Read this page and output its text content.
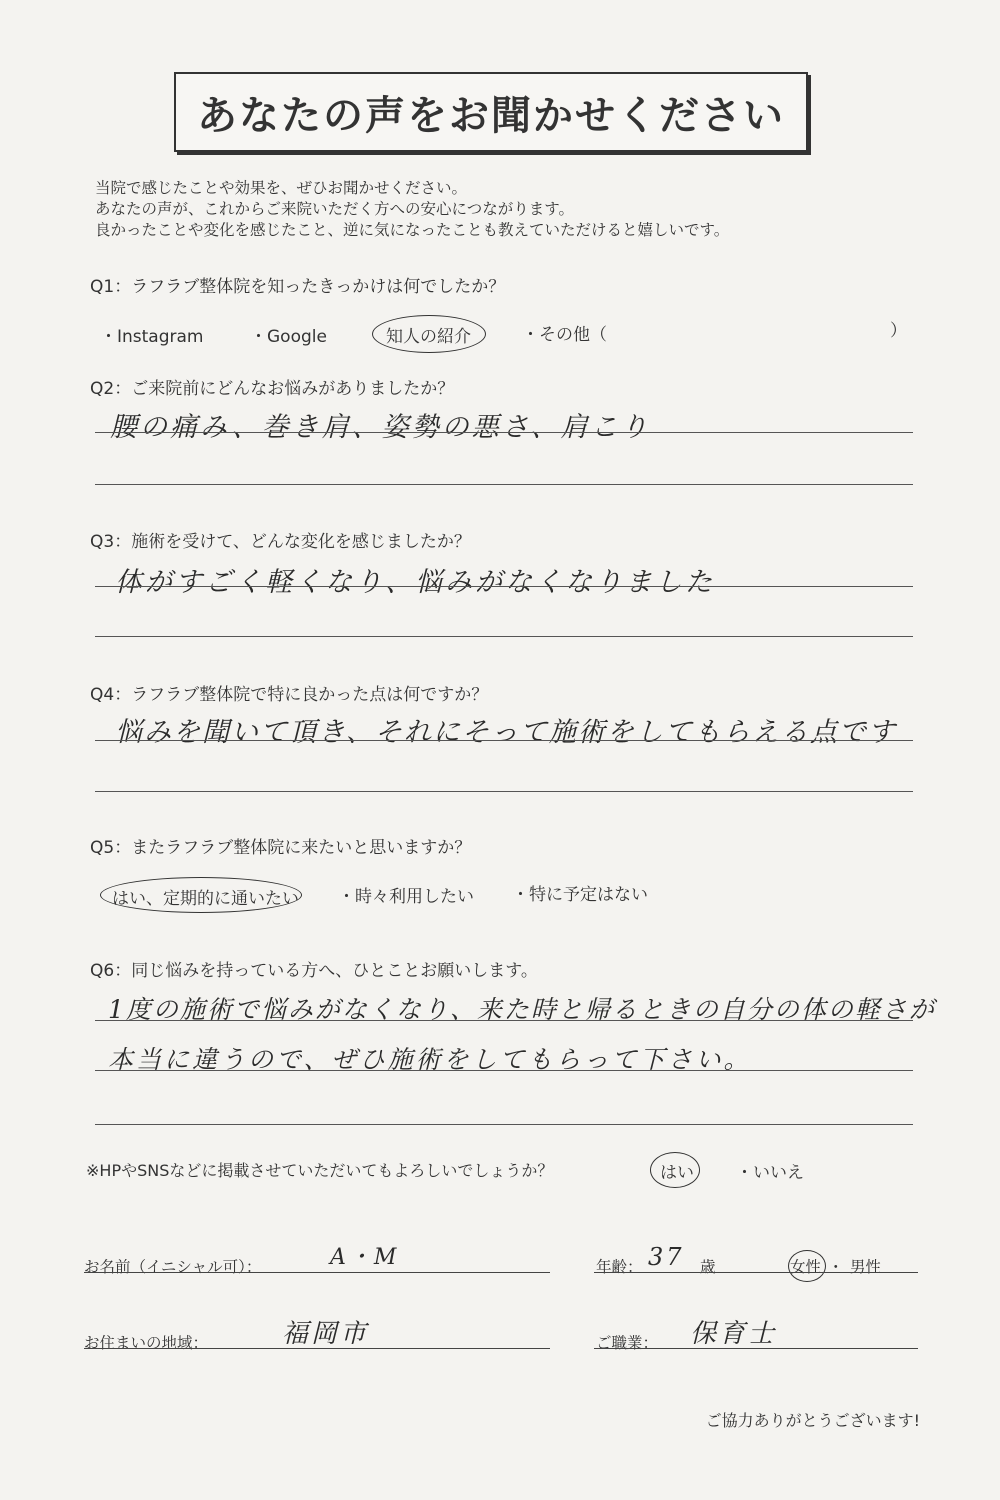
あなたの声をお聞かせください
当院で感じたことや効果を、ぜひお聞かせください。
あなたの声が、これからご来院いただく方への安心につながります。
良かったことや変化を感じたこと、逆に気になったことも教えていただけると嬉しいです。
Q1：ラフラブ整体院を知ったきっかけは何でしたか？
・Instagram	・Google	知人の紹介	・その他（	）
Q2：ご来院前にどんなお悩みがありましたか？
腰の痛み、巻き肩、姿勢の悪さ、肩こり
Q3：施術を受けて、どんな変化を感じましたか？
体がすごく軽くなり、悩みがなくなりました
Q4：ラフラブ整体院で特に良かった点は何ですか？
悩みを聞いて頂き、それにそって施術をしてもらえる点です
Q5：またラフラブ整体院に来たいと思いますか？
はい、定期的に通いたい ・時々利用したい ・特に予定はない
Q6：同じ悩みを持っている方へ、ひとことお願いします。
1度の施術で悩みがなくなり、来た時と帰るときの自分の体の軽さが
本当に違うので、ぜひ施術をしてもらって下さい。
※HPやSNSなどに掲載させていただいてもよろしいでしょうか？	はい ・いいえ
お名前（イニシャル可）：	A・M	年齢： 37 歳	女性 ・ 男性
お住まいの地域：	福岡市	ご職業： 保育士
ご協力ありがとうございます!
